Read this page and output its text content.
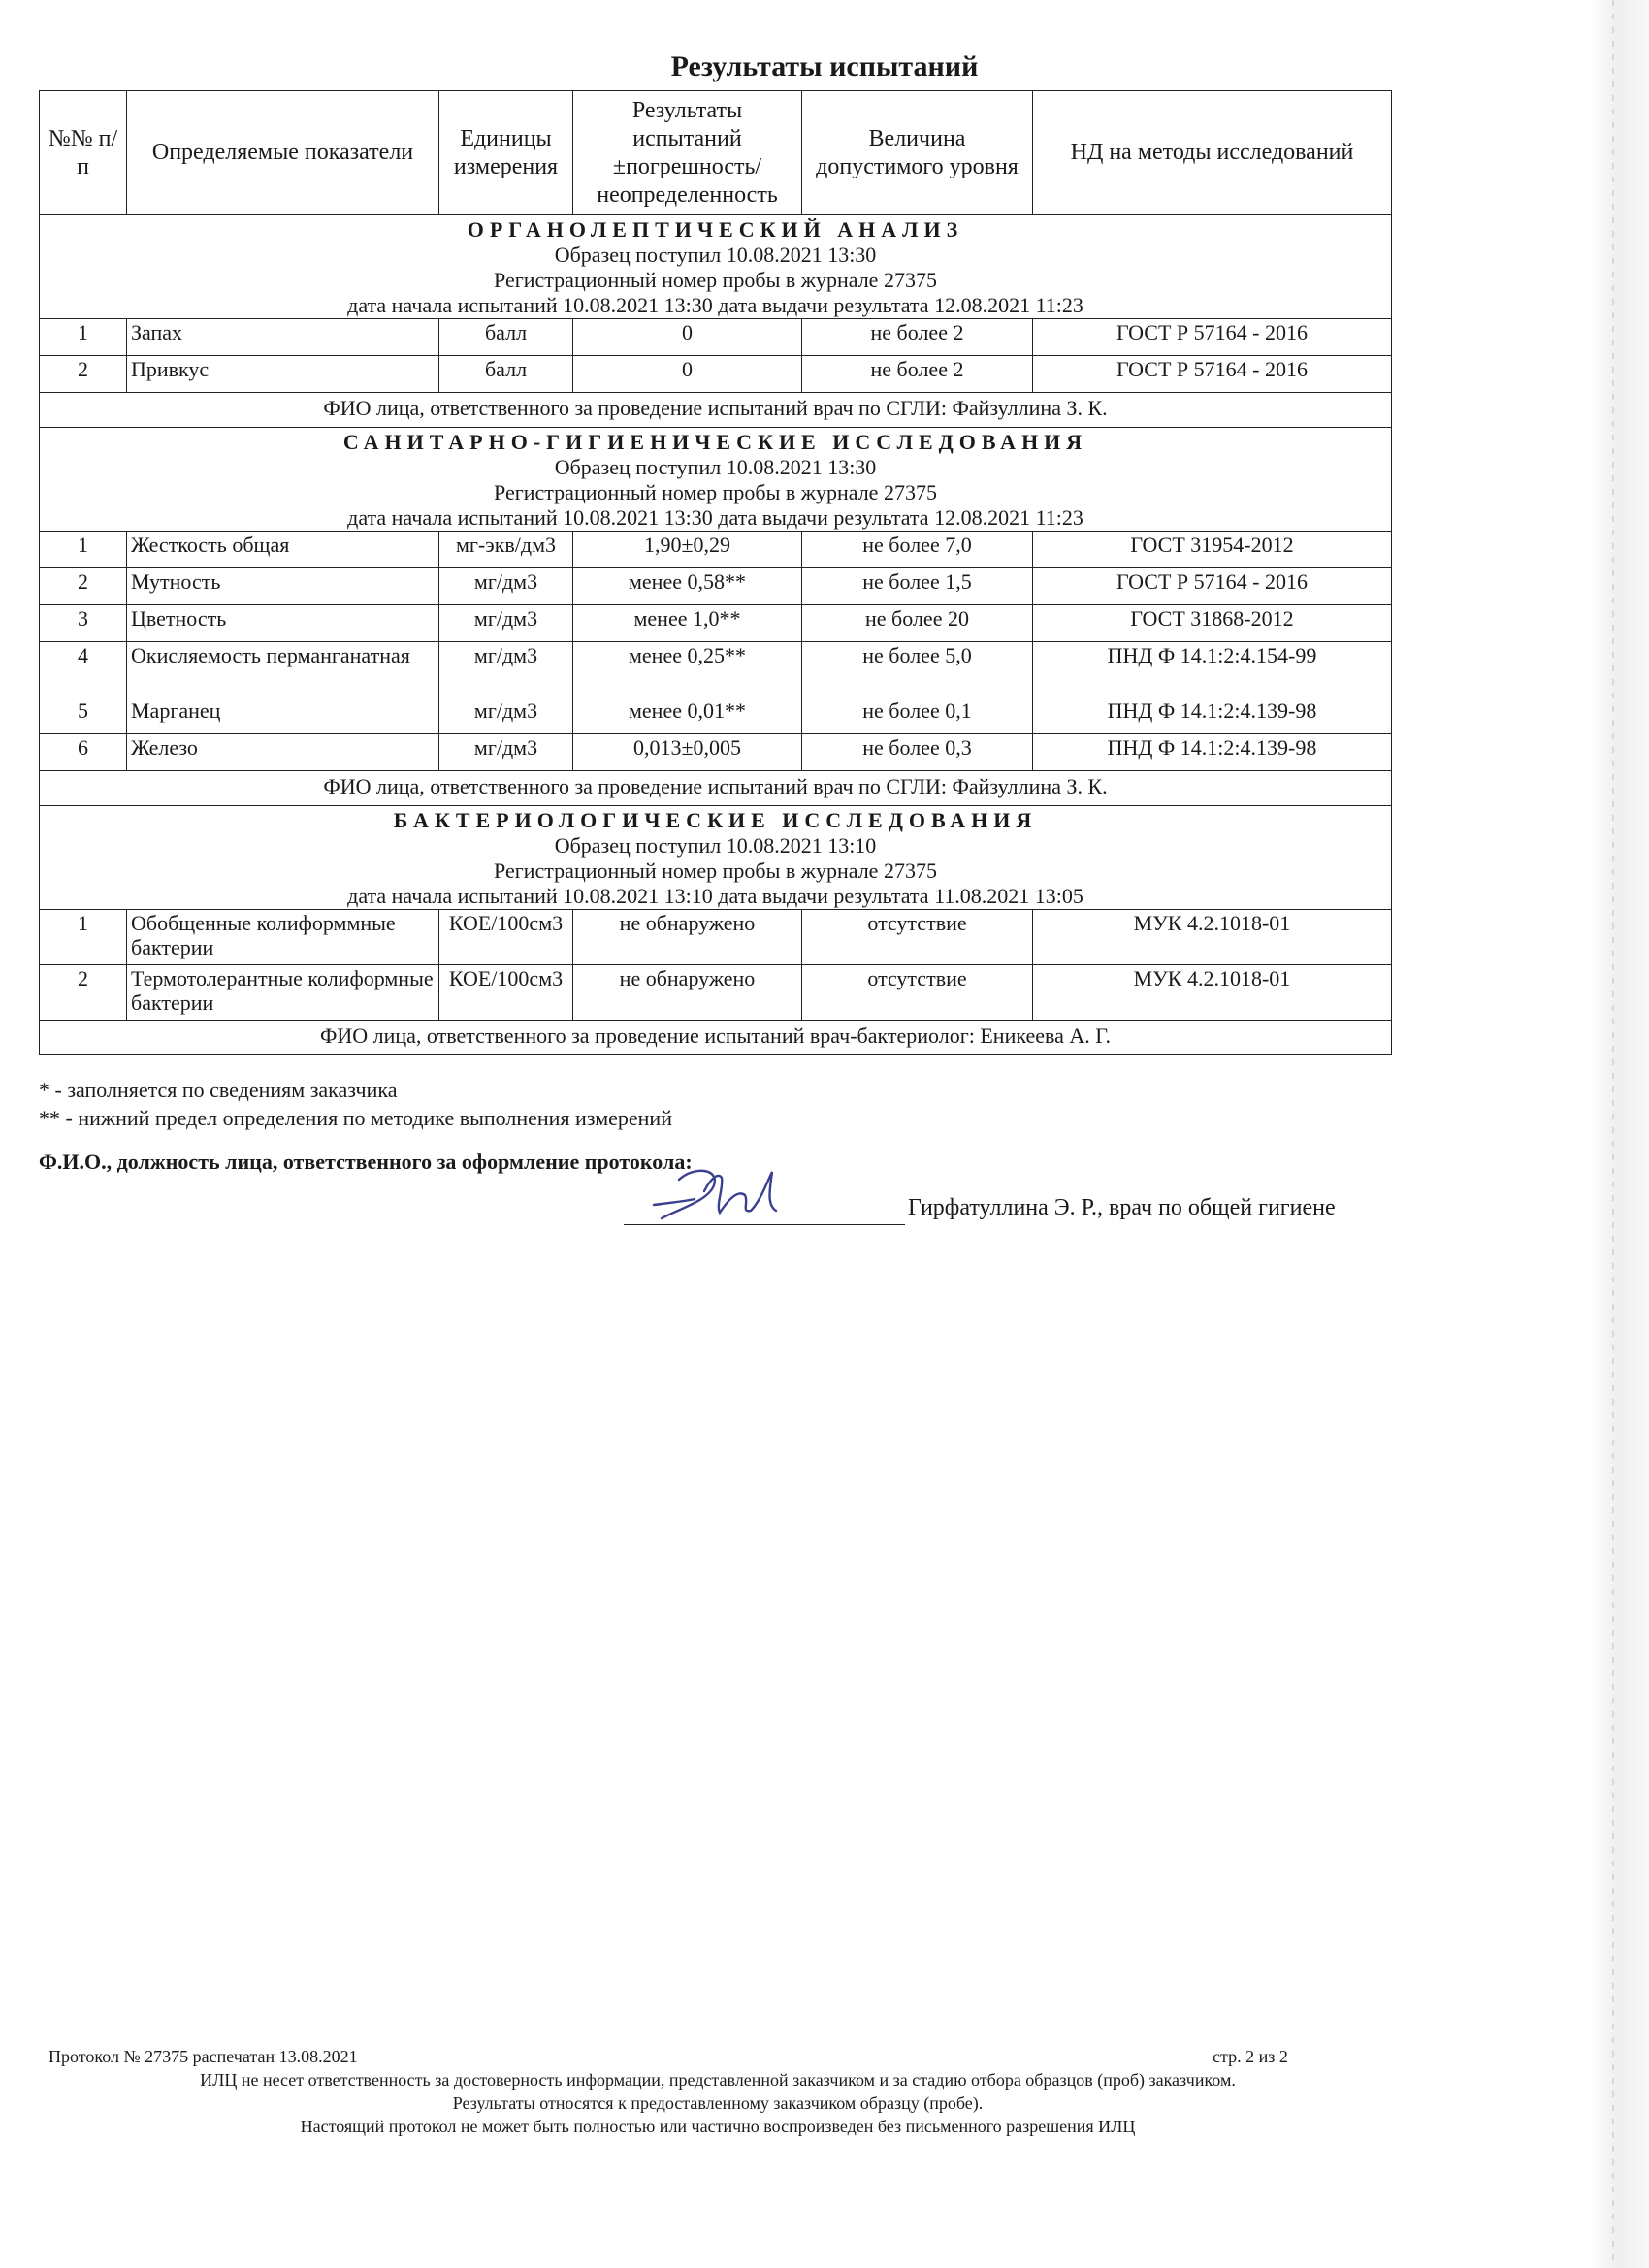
Результаты испытаний
№№ п/п	Определяемые показатели	Единицы измерения	Результаты испытаний ±погрешность/ неопределенность	Величина допустимого уровня	НД на методы исследований

ОРГАНОЛЕПТИЧЕСКИЙ АНАЛИЗ
Образец поступил 10.08.2021 13:30
Регистрационный номер пробы в журнале 27375
дата начала испытаний 10.08.2021 13:30 дата выдачи результата 12.08.2021 11:23					

1	Запах	балл	0	не более 2	ГОСТ Р 57164 - 2016
2	Привкус	балл	0	не более 2	ГОСТ Р 57164 - 2016
ФИО лица, ответственного за проведение испытаний врач по СГЛИ: Файзуллина З. К.					

САНИТАРНО-ГИГИЕНИЧЕСКИЕ ИССЛЕДОВАНИЯ
Образец поступил 10.08.2021 13:30
Регистрационный номер пробы в журнале 27375
дата начала испытаний 10.08.2021 13:30 дата выдачи результата 12.08.2021 11:23					

1	Жесткость общая	мг-экв/дм3	1,90±0,29	не более 7,0	ГОСТ 31954-2012
2	Мутность	мг/дм3	менее 0,58**	не более 1,5	ГОСТ Р 57164 - 2016
3	Цветность	мг/дм3	менее 1,0**	не более 20	ГОСТ 31868-2012
4	Окисляемость перманганатная	мг/дм3	менее 0,25**	не более 5,0	ПНД Ф 14.1:2:4.154-99
5	Марганец	мг/дм3	менее 0,01**	не более 0,1	ПНД Ф 14.1:2:4.139-98
6	Железо	мг/дм3	0,013±0,005	не более 0,3	ПНД Ф 14.1:2:4.139-98
ФИО лица, ответственного за проведение испытаний врач по СГЛИ: Файзуллина З. К.					

БАКТЕРИОЛОГИЧЕСКИЕ ИССЛЕДОВАНИЯ
Образец поступил 10.08.2021 13:10
Регистрационный номер пробы в журнале 27375
дата начала испытаний 10.08.2021 13:10 дата выдачи результата 11.08.2021 13:05					

1	Обобщенные колиформмные бактерии	КОЕ/100см3	не обнаружено	отсутствие	МУК 4.2.1018-01
2	Термотолерантные колиформные бактерии	КОЕ/100см3	не обнаружено	отсутствие	МУК 4.2.1018-01
ФИО лица, ответственного за проведение испытаний врач-бактериолог: Еникеева А. Г.					

* - заполняется по сведениям заказчика

** - нижний предел определения по методике выполнения измерений

Ф.И.О., должность лица, ответственного за оформление протокола:
Гирфатуллина Э. Р., врач по общей гигиене
Протокол № 27375 распечатан 13.08.2021	стр. 2 из 2
ИЛЦ не несет ответственность за достоверность информации, представленной заказчиком и за стадию отбора образцов (проб) заказчиком.
Результаты относятся к предоставленному заказчиком образцу (пробе).
Настоящий протокол не может быть полностью или частично воспроизведен без письменного разрешения ИЛЦ
